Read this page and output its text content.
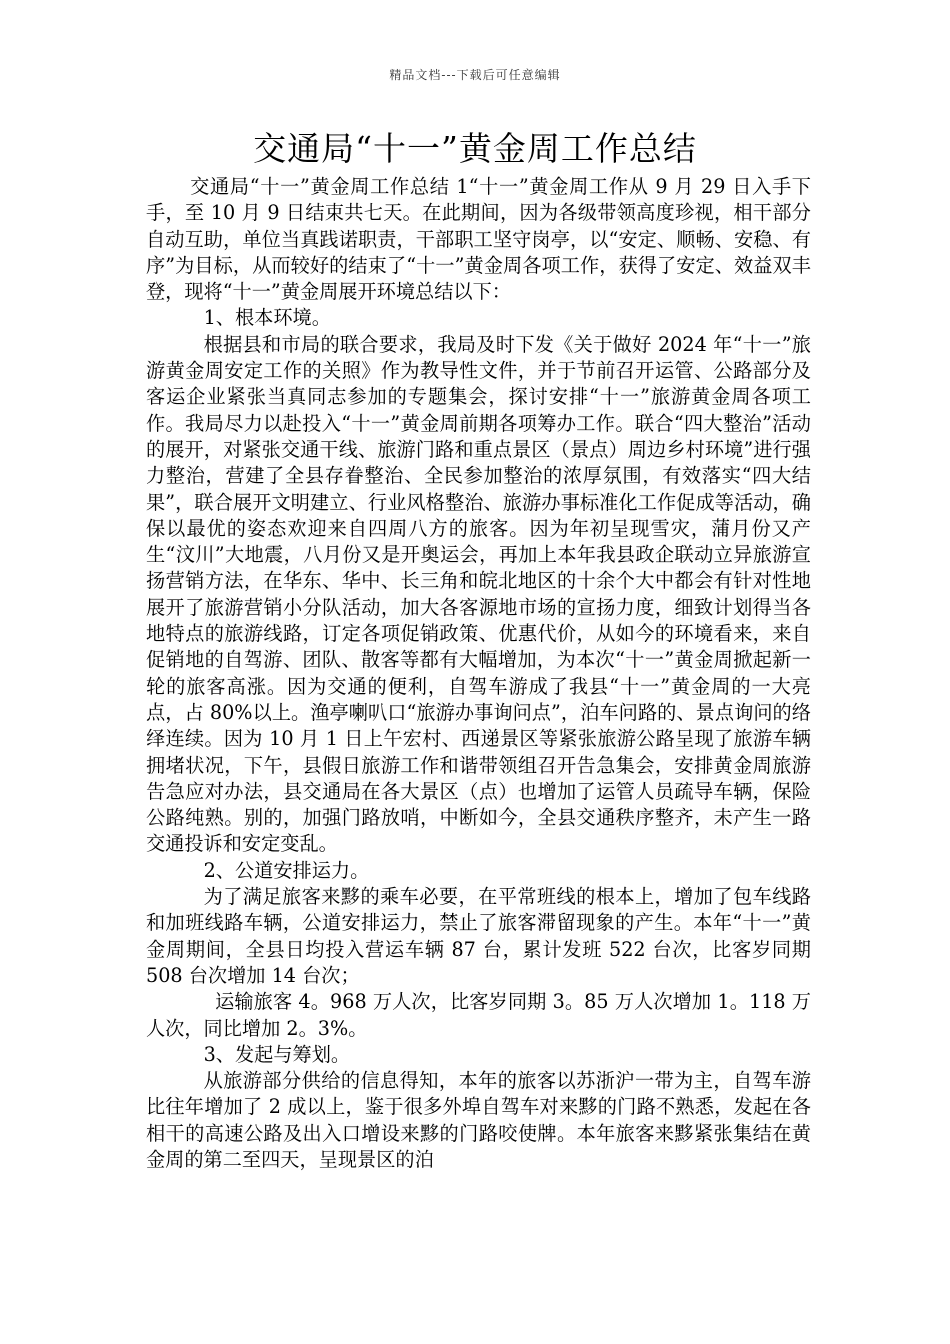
精品文档---下载后可任意编辑
交通局“十一”黄金周工作总结

交通局“十一”黄金周工作总结 1“十一”黄金周工作从 9 月 29 日入手下手，至 10 月 9 日结束共七天。在此期间，因为各级带领高度珍视，相干部分自动互助，单位当真践诺职责，干部职工坚守岗亭，以“安定、顺畅、安稳、有序”为目标，从而较好的结束了“十一”黄金周各项工作，获得了安定、效益双丰登，现将“十一”黄金周展开环境总结以下：

1、根本环境。

根据县和市局的联合要求，我局及时下发《关于做好 2024 年“十一”旅游黄金周安定工作的关照》作为教导性文件，并于节前召开运管、公路部分及客运企业紧张当真同志参加的专题集会，探讨安排“十一”旅游黄金周各项工作。我局尽力以赴投入“十一”黄金周前期各项筹办工作。联合“四大整治”活动的展开，对紧张交通干线、旅游门路和重点景区（景点）周边乡村环境”进行强力整治，营建了全县存眷整治、全民参加整治的浓厚氛围，有效落实“四大结果”，联合展开文明建立、行业风格整治、旅游办事标准化工作促成等活动，确保以最优的姿态欢迎来自四周八方的旅客。因为年初呈现雪灾，蒲月份又产生“汶川”大地震，八月份又是开奥运会，再加上本年我县政企联动立异旅游宣扬营销方法，在华东、华中、长三角和皖北地区的十余个大中都会有针对性地展开了旅游营销小分队活动，加大各客源地市场的宣扬力度，细致计划得当各地特点的旅游线路，订定各项促销政策、优惠代价，从如今的环境看来，来自促销地的自驾游、团队、散客等都有大幅增加，为本次“十一”黄金周掀起新一轮的旅客高涨。因为交通的便利，自驾车游成了我县“十一”黄金周的一大亮点，占 80%以上。渔亭喇叭口“旅游办事询问点”，泊车问路的、景点询问的络绎连续。因为 10 月 1 日上午宏村、西递景区等紧张旅游公路呈现了旅游车辆拥堵状况，下午，县假日旅游工作和谐带领组召开告急集会，安排黄金周旅游告急应对办法，县交通局在各大景区（点）也增加了运管人员疏导车辆，保险公路纯熟。别的，加强门路放哨，中断如今，全县交通秩序整齐，未产生一路交通投诉和安定变乱。

2、公道安排运力。

为了满足旅客来黟的乘车必要，在平常班线的根本上，增加了包车线路和加班线路车辆，公道安排运力，禁止了旅客滞留现象的产生。本年“十一”黄金周期间，全县日均投入营运车辆 87 台，累计发班 522 台次，比客岁同期 508 台次增加 14 台次；

运输旅客 4。968 万人次，比客岁同期 3。85 万人次增加 1。118 万人次，同比增加 2。3%。

3、发起与筹划。

从旅游部分供给的信息得知，本年的旅客以苏浙沪一带为主，自驾车游比往年增加了 2 成以上，鉴于很多外埠自驾车对来黟的门路不熟悉，发起在各相干的高速公路及出入口增设来黟的门路咬使牌。本年旅客来黟紧张集结在黄金周的第二至四天，呈现景区的泊
